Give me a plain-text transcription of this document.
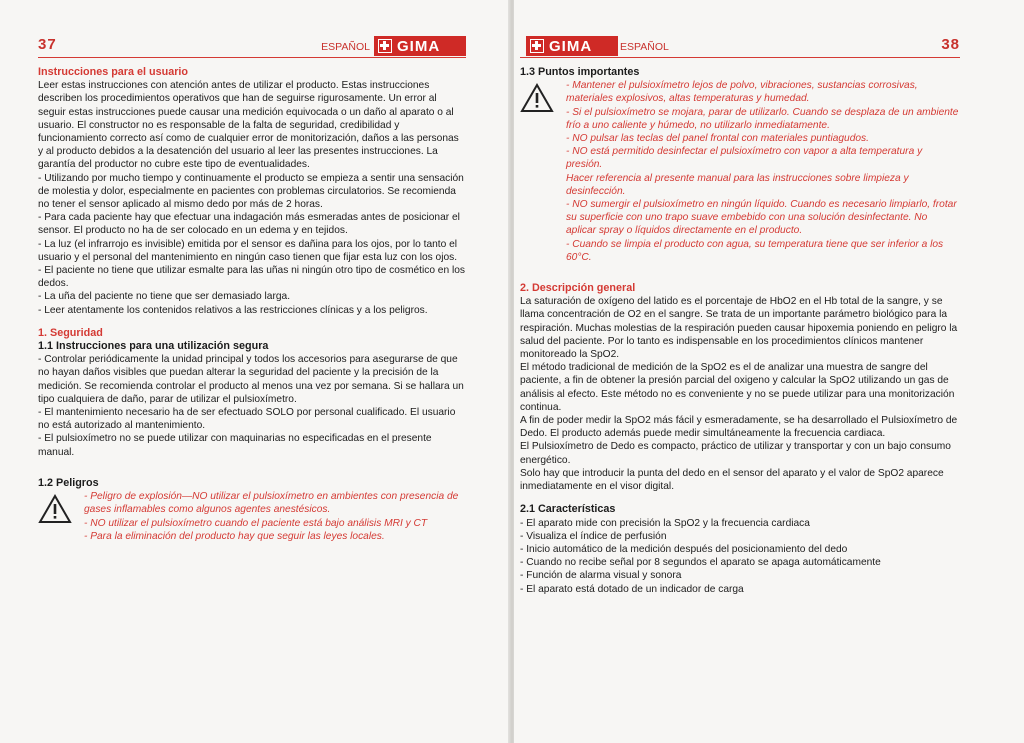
37	ESPAÑOL GIMA

Instrucciones para el usuario

Leer estas instrucciones con atención antes de utilizar el producto. Estas instrucciones describen los procedimientos operativos que han de seguirse rigurosamente. Un error al seguir estas instrucciones puede causar una medición equivocada o un daño al aparato o al usuario. El constructor no es responsable de la falta de seguridad, credibilidad y funcionamiento correcto así como de cualquier error de monitorización, daños a las personas y al producto debidos a la desatención del usuario al leer las presentes instrucciones. La garantía del productor no cubre este tipo de eventualidades.

- Utilizando por mucho tiempo y continuamente el producto se empieza a sentir una sensación de molestia y dolor, especialmente en pacientes con problemas circulatorios. Se recomienda no tener el sensor aplicado al mismo dedo por más de 2 horas.

- Para cada paciente hay que efectuar una indagación más esmeradas antes de posicionar el sensor. El producto no ha de ser colocado en un edema y en tejidos.

- La luz (el infrarrojo es invisible) emitida por el sensor es dañina para los ojos, por lo tanto el usuario y el personal del mantenimiento en ningún caso tienen que fijar esta luz con los ojos.

- El paciente no tiene que utilizar esmalte para las uñas ni ningún otro tipo de cosmético en los dedos.

- La uña del paciente no tiene que ser demasiado larga.

- Leer atentamente los contenidos relativos a las restricciones clínicas y a los peligros.

1. Seguridad

1.1 Instrucciones para una utilización segura

- Controlar periódicamente la unidad principal y todos los accesorios para asegurarse de que no hayan daños visibles que puedan alterar la seguridad del paciente y la precisión de la medición. Se recomienda controlar el producto al menos una vez por semana. Si se hallara un tipo cualquiera de daño, parar de utilizar el pulsioxímetro.

- El mantenimiento necesario ha de ser efectuado SOLO por personal cualificado. El usuario no está autorizado al mantenimiento.

- El pulsioxímetro no se puede utilizar con maquinarias no especificadas en el presente manual.

1.2 Peligros

- Peligro de explosión—NO utilizar el pulsioxímetro en ambientes con presencia de gases inflamables como algunos agentes anestésicos.

- NO utilizar el pulsioxímetro cuando el paciente está bajo análisis MRI y CT

- Para la eliminación del producto hay que seguir las leyes locales.

GIMA	ESPAÑOL	38

1.3 Puntos importantes

- Mantener el pulsioxímetro lejos de polvo, vibraciones, sustancias corrosivas, materiales explosivos, altas temperaturas y humedad.

- Si el pulsioxímetro se mojara, parar de utilizarlo. Cuando se desplaza de un ambiente frío a uno caliente y húmedo, no utilizarlo inmediatamente.

- NO pulsar las teclas del panel frontal con materiales puntiagudos.

- NO está permitido desinfectar el pulsioxímetro con vapor a alta temperatura y presión.

Hacer referencia al presente manual para las instrucciones sobre limpieza y desinfección.

- NO sumergir el pulsioxímetro en ningún líquido. Cuando es necesario limpiarlo, frotar su superficie con uno trapo suave embebido con una solución desinfectante. No aplicar spray o líquidos directamente en el producto.

- Cuando se limpia el producto con agua, su temperatura tiene que ser inferior a los 60°C.

2. Descripción general

La saturación de oxígeno del latido es el porcentaje de HbO2 en el Hb total de la sangre, y se llama concentración de O2 en el sangre. Se trata de un importante parámetro biológico para la respiración. Muchas molestias de la respiración pueden causar hipoxemia poniendo en peligro la salud del paciente. Por lo tanto es indispensable en los procedimientos clínicos mantener monitoreado la SpO2.

El método tradicional de medición de la SpO2 es el de analizar una muestra de sangre del paciente, a fin de obtener la presión parcial del oxigeno y calcular la SpO2 utilizando un gas de análisis al efecto. Este método no es conveniente y no se puede utilizar para una monitorización continua.

A fin de poder medir la SpO2 más fácil y esmeradamente, se ha desarrollado el Pulsioxímetro de Dedo. El producto además puede medir simultáneamente la frecuencia cardiaca.

El Pulsioxímetro de Dedo es compacto, práctico de utilizar y transportar y con un bajo consumo energético.

Solo hay que introducir la punta del dedo en el sensor del aparato y el valor de SpO2 aparece inmediatamente en el visor digital.

2.1 Características

- El aparato mide con precisión la SpO2 y la frecuencia cardiaca

- Visualiza el índice de perfusión

- Inicio automático de la medición después del posicionamiento del dedo

- Cuando no recibe señal por 8 segundos el aparato se apaga automáticamente

- Función de alarma visual y sonora

- El aparato está dotado de un indicador de carga
